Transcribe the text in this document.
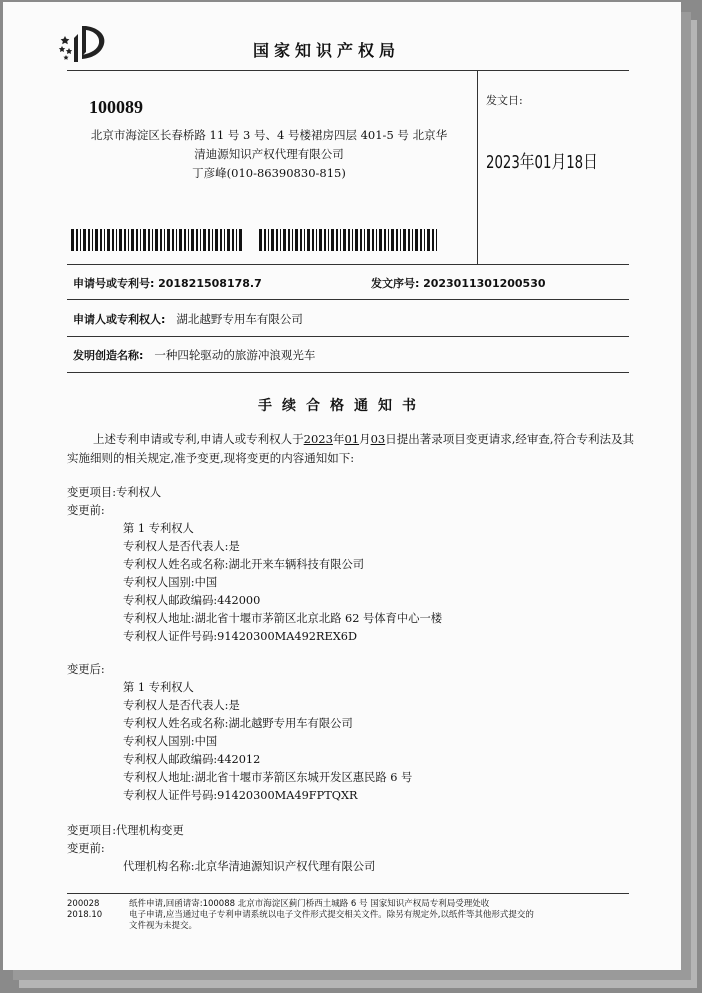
国家知识产权局
100089
北京市海淀区长春桥路 11 号 3 号、4 号楼裙房四层 401-5 号 北京华
清迪源知识产权代理有限公司
丁彦峰(010-86390830-815)
发文日:
2023年01月18日
申请号或专利号: 201821508178.7	发文序号: 2023011301200530
申请人或专利权人: 湖北越野专用车有限公司
发明创造名称: 一种四轮驱动的旅游冲浪观光车
手续合格通知书
上述专利申请或专利,申请人或专利权人于2023年01月03日提出著录项目变更请求,经审查,符合专利法及其实施细则的相关规定,准予变更,现将变更的内容通知如下:
变更项目:专利权人
变更前:
第 1 专利权人
专利权人是否代表人:是
专利权人姓名或名称:湖北开来车辆科技有限公司
专利权人国别:中国
专利权人邮政编码:442000
专利权人地址:湖北省十堰市茅箭区北京北路 62 号体育中心一楼
专利权人证件号码:91420300MA492REX6D
变更后:
第 1 专利权人
专利权人是否代表人:是
专利权人姓名或名称:湖北越野专用车有限公司
专利权人国别:中国
专利权人邮政编码:442012
专利权人地址:湖北省十堰市茅箭区东城开发区惠民路 6 号
专利权人证件号码:91420300MA49FPTQXR
变更项目:代理机构变更
变更前:
代理机构名称:北京华清迪源知识产权代理有限公司
200028
2018.10
纸件申请,回函请寄:100088 北京市海淀区蓟门桥西土城路 6 号 国家知识产权局专利局受理处收
电子申请,应当通过电子专利申请系统以电子文件形式提交相关文件。除另有规定外,以纸件等其他形式提交的
文件视为未提交。
